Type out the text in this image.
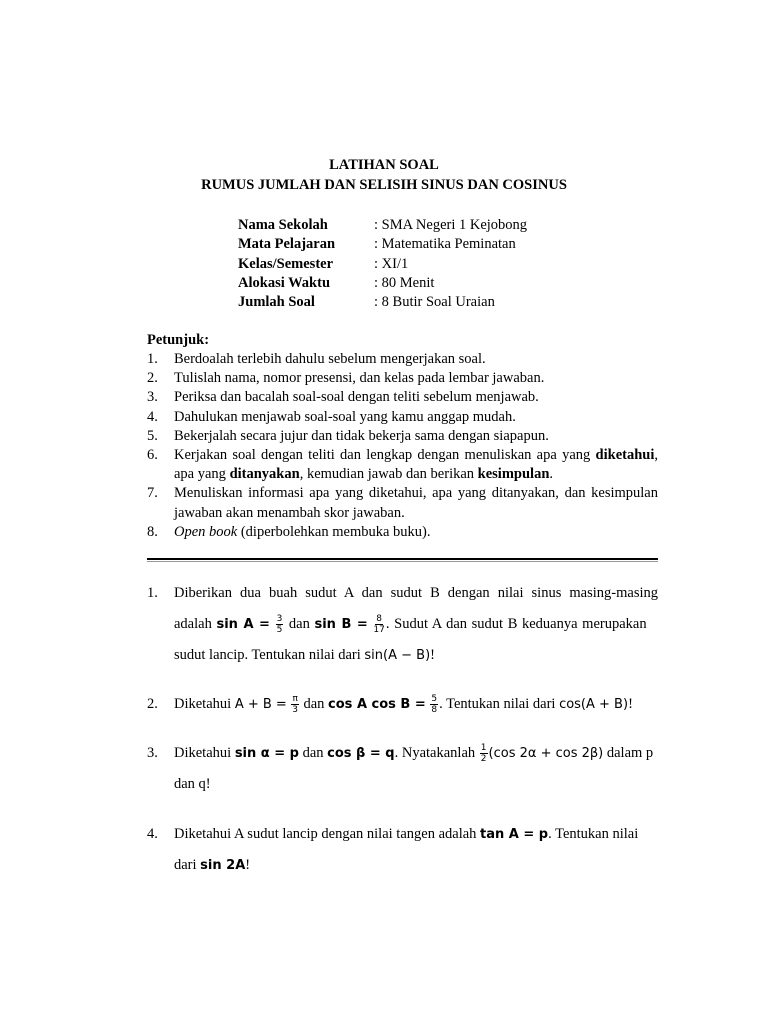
LATIHAN SOAL
RUMUS JUMLAH DAN SELISIH SINUS DAN COSINUS
Nama Sekolah	: SMA Negeri 1 Kejobong
Mata Pelajaran	: Matematika Peminatan
Kelas/Semester	: XI/1
Alokasi Waktu	: 80 Menit
Jumlah Soal	: 8 Butir Soal Uraian
Petunjuk:
1.	Berdoalah terlebih dahulu sebelum mengerjakan soal.
2.	Tulislah nama, nomor presensi, dan kelas pada lembar jawaban.
3.	Periksa dan bacalah soal-soal dengan teliti sebelum menjawab.
4.	Dahulukan menjawab soal-soal yang kamu anggap mudah.
5.	Bekerjalah secara jujur dan tidak bekerja sama dengan siapapun.
6.	Kerjakan soal dengan teliti dan lengkap dengan menuliskan apa yang diketahui, apa yang ditanyakan, kemudian jawab dan berikan kesimpulan.
7.	Menuliskan informasi apa yang diketahui, apa yang ditanyakan, dan kesimpulan jawaban akan menambah skor jawaban.
8.	Open book (diperbolehkan membuka buku).
1.	Diberikan dua buah sudut A dan sudut B dengan nilai sinus masing-masing
adalah $\sin A = \frac{3}{5}$ dan $\sin B = \frac{8}{17}$ . Sudut A dan sudut B keduanya merupakan
sudut lancip. Tentukan nilai dari sin(A − B)!
2.	Diketahui $A + B = \frac{\pi}{3}$ dan cos A $\cos B = \frac{5}{8}$ . Tentukan nilai dari cos(A + B)!
3.	Diketahui sin α = p dan cos β = q. Nyatakanlah $\frac{1}{2} (\cos$ 2α + cos 2β) dalam p
dan q!
4.	Diketahui A sudut lancip dengan nilai tangen adalah tan A = p. Tentukan nilai
dari sin 2A!
